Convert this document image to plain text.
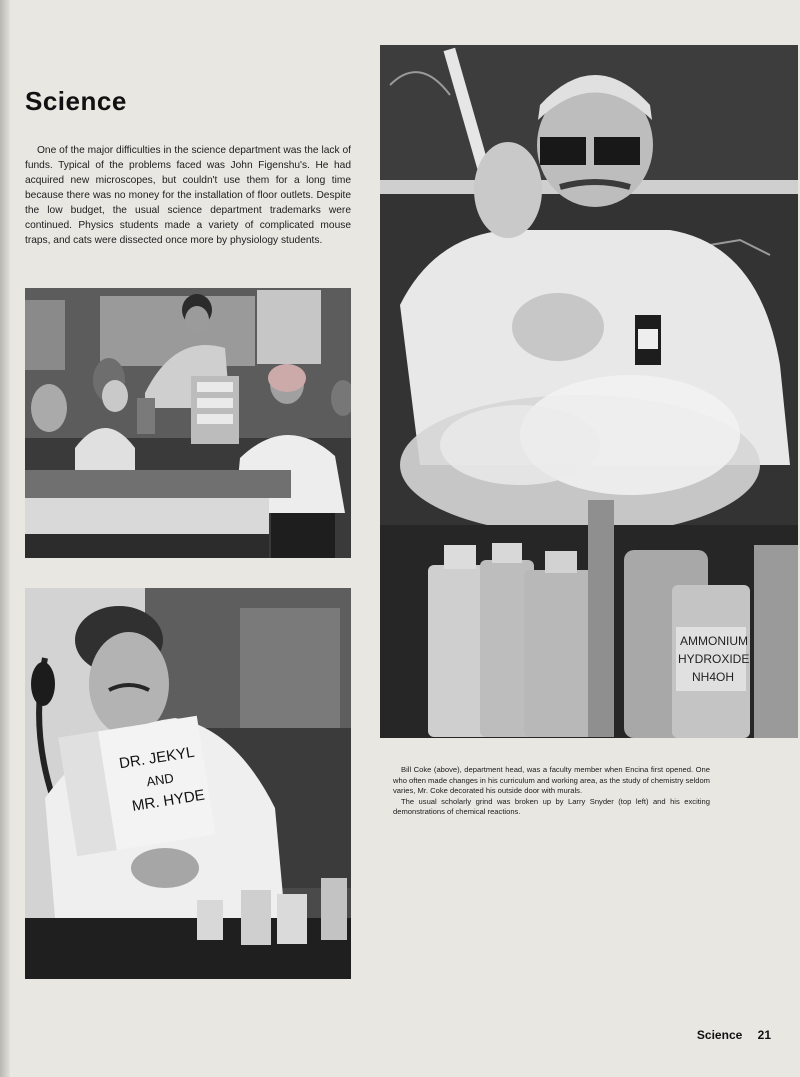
Science

One of the major difficulties in the science department was the lack of funds. Typical of the problems faced was John Figenshu's. He had acquired new microscopes, but couldn't use them for a long time because there was no money for the installation of floor outlets. Despite the low budget, the usual science department trademarks were continued. Physics students made a variety of complicated mouse traps, and cats were dissected once more by physiology students.

DR. JEKYL
AND
MR. HYDE
AMMONIUM
HYDROXIDE
NH4OH

Bill Coke (above), department head, was a faculty member when Encina first opened. One who often made changes in his curriculum and working area, as the study of chemistry seldom varies, Mr. Coke decorated his outside door with murals.

The usual scholarly grind was broken up by Larry Snyder (top left) and his exciting demonstrations of chemical reactions.

Science 21
